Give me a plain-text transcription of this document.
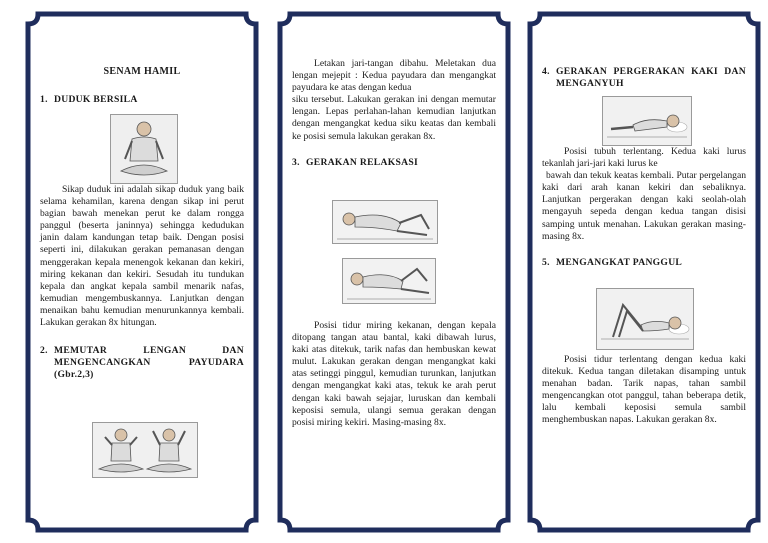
SENAM HAMIL
1. DUDUK BERSILA
Sikap duduk ini adalah sikap duduk yang baik selama kehamilan, karena dengan sikap ini perut bagian bawah menekan perut ke dalam rongga panggul (beserta janinnya) sehingga kedudukan janin dalam kandungan tetap baik. Dengan posisi seperti ini, dilakukan gerakan pemanasan dengan menggerakan kepala menengok kekanan dan kekiri, miring kekanan dan kekiri. Sesudah itu tundukan kepala dan angkat kepala sambil menarik nafas, kemudian mengembuskannya. Lanjutkan dengan menaikan bahu kemudian menurunkannya kembali. Lakukan gerakan 8x hitungan.
2. MEMUTAR LENGAN DAN MENGENCANGKAN PAYUDARA (Gbr.2,3)
Letakan jari-tangan dibahu. Meletakan dua lengan mejepit : Kedua payudara dan mengangkat payudara ke atas dengan kedua
siku tersebut. Lakukan gerakan ini dengan memutar lengan. Lepas perlahan-lahan kemudian lanjutkan dengan mengangkat kedua siku keatas dan kembali ke posisi semula lakukan gerakan 8x.
3. GERAKAN RELAKSASI
Posisi tidur miring kekanan, dengan kepala ditopang tangan atau bantal, kaki dibawah lurus, kaki atas ditekuk, tarik nafas dan hembuskan kewat mulut. Lakukan gerakan dengan mengangkat kaki atas setinggi pinggul, kemudian turunkan, lanjutkan dengan mengangkat kaki atas, tekuk ke arah perut dengan kaki bawah sejajar, luruskan dan kembali keposisi semula, ulangi semua gerakan dengan posisi miring kekiri. Masing-masing 8x.
4. GERAKAN PERGERAKAN KAKI DAN MENGANYUH
Posisi tubuh terlentang. Kedua kaki lurus tekanlah jari-jari kaki lurus ke
bawah dan tekuk keatas kembali. Putar pergelangan kaki dari arah kanan kekiri dan sebaliknya. Lanjutkan pergerakan dengan kaki seolah-olah mengayuh sepeda dengan kedua tangan disisi samping untuk menahan. Lakukan gerakan masing-masing 8x.
5. MENGANGKAT PANGGUL
Posisi tidur terlentang dengan kedua kaki ditekuk. Kedua tangan diletakan disamping untuk menahan badan. Tarik napas, tahan sambil mengencangkan otot panggul, tahan beberapa detik, lalu kembali keposisi semula sambil menghembuskan napas. Lakukan gerakan 8x.
